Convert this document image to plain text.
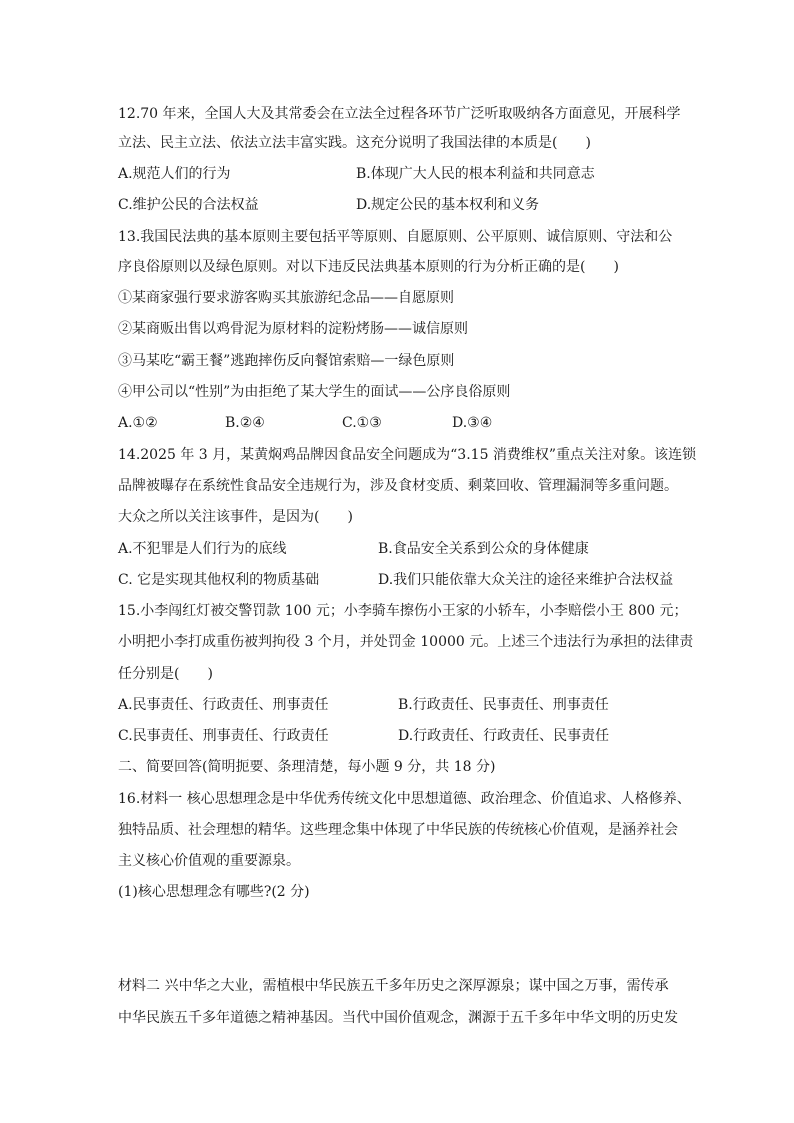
12.70 年来，全国人大及其常委会在立法全过程各环节广泛听取吸纳各方面意见，开展科学
立法、民主立法、依法立法丰富实践。这充分说明了我国法律的本质是(　　)
A.规范人们的行为	B.体现广大人民的根本利益和共同意志
C.维护公民的合法权益	D.规定公民的基本权利和义务
13.我国民法典的基本原则主要包括平等原则、自愿原则、公平原则、诚信原则、守法和公
序良俗原则以及绿色原则。对以下违反民法典基本原则的行为分析正确的是(　　)
①某商家强行要求游客购买其旅游纪念品——自愿原则
②某商贩出售以鸡骨泥为原材料的淀粉烤肠——诚信原则
③马某吃“霸王餐”逃跑摔伤反向餐馆索赔—一绿色原则
④甲公司以“性别”为由拒绝了某大学生的面试——公序良俗原则
A.①②	B.②④	C.①③	D.③④
14.2025 年 3 月，某黄焖鸡品牌因食品安全问题成为“3.15 消费维权”重点关注对象。该连锁
品牌被曝存在系统性食品安全违规行为，涉及食材变质、剩菜回收、管理漏洞等多重问题。
大众之所以关注该事件，是因为(　　)
A.不犯罪是人们行为的底线	B.食品安全关系到公众的身体健康
C. 它是实现其他权利的物质基础	D.我们只能依靠大众关注的途径来维护合法权益
15.小李闯红灯被交警罚款 100 元；小李骑车擦伤小王家的小轿车，小李赔偿小王 800 元；
小明把小李打成重伤被判拘役 3 个月，并处罚金 10000 元。上述三个违法行为承担的法律责
任分别是(　　)
A.民事责任、行政责任、刑事责任	B.行政责任、民事责任、刑事责任
C.民事责任、刑事责任、行政责任	D.行政责任、行政责任、民事责任
二、简要回答(简明扼要、条理清楚，每小题 9 分，共 18 分)
16.材料一 核心思想理念是中华优秀传统文化中思想道德、政治理念、价值追求、人格修养、
独特品质、社会理想的精华。这些理念集中体现了中华民族的传统核心价值观，是涵养社会
主义核心价值观的重要源泉。
(1)核心思想理念有哪些?(2 分)
材料二 兴中华之大业，需植根中华民族五千多年历史之深厚源泉；谋中国之万事，需传承
中华民族五千多年道德之精神基因。当代中国价值观念，渊源于五千多年中华文明的历史发
